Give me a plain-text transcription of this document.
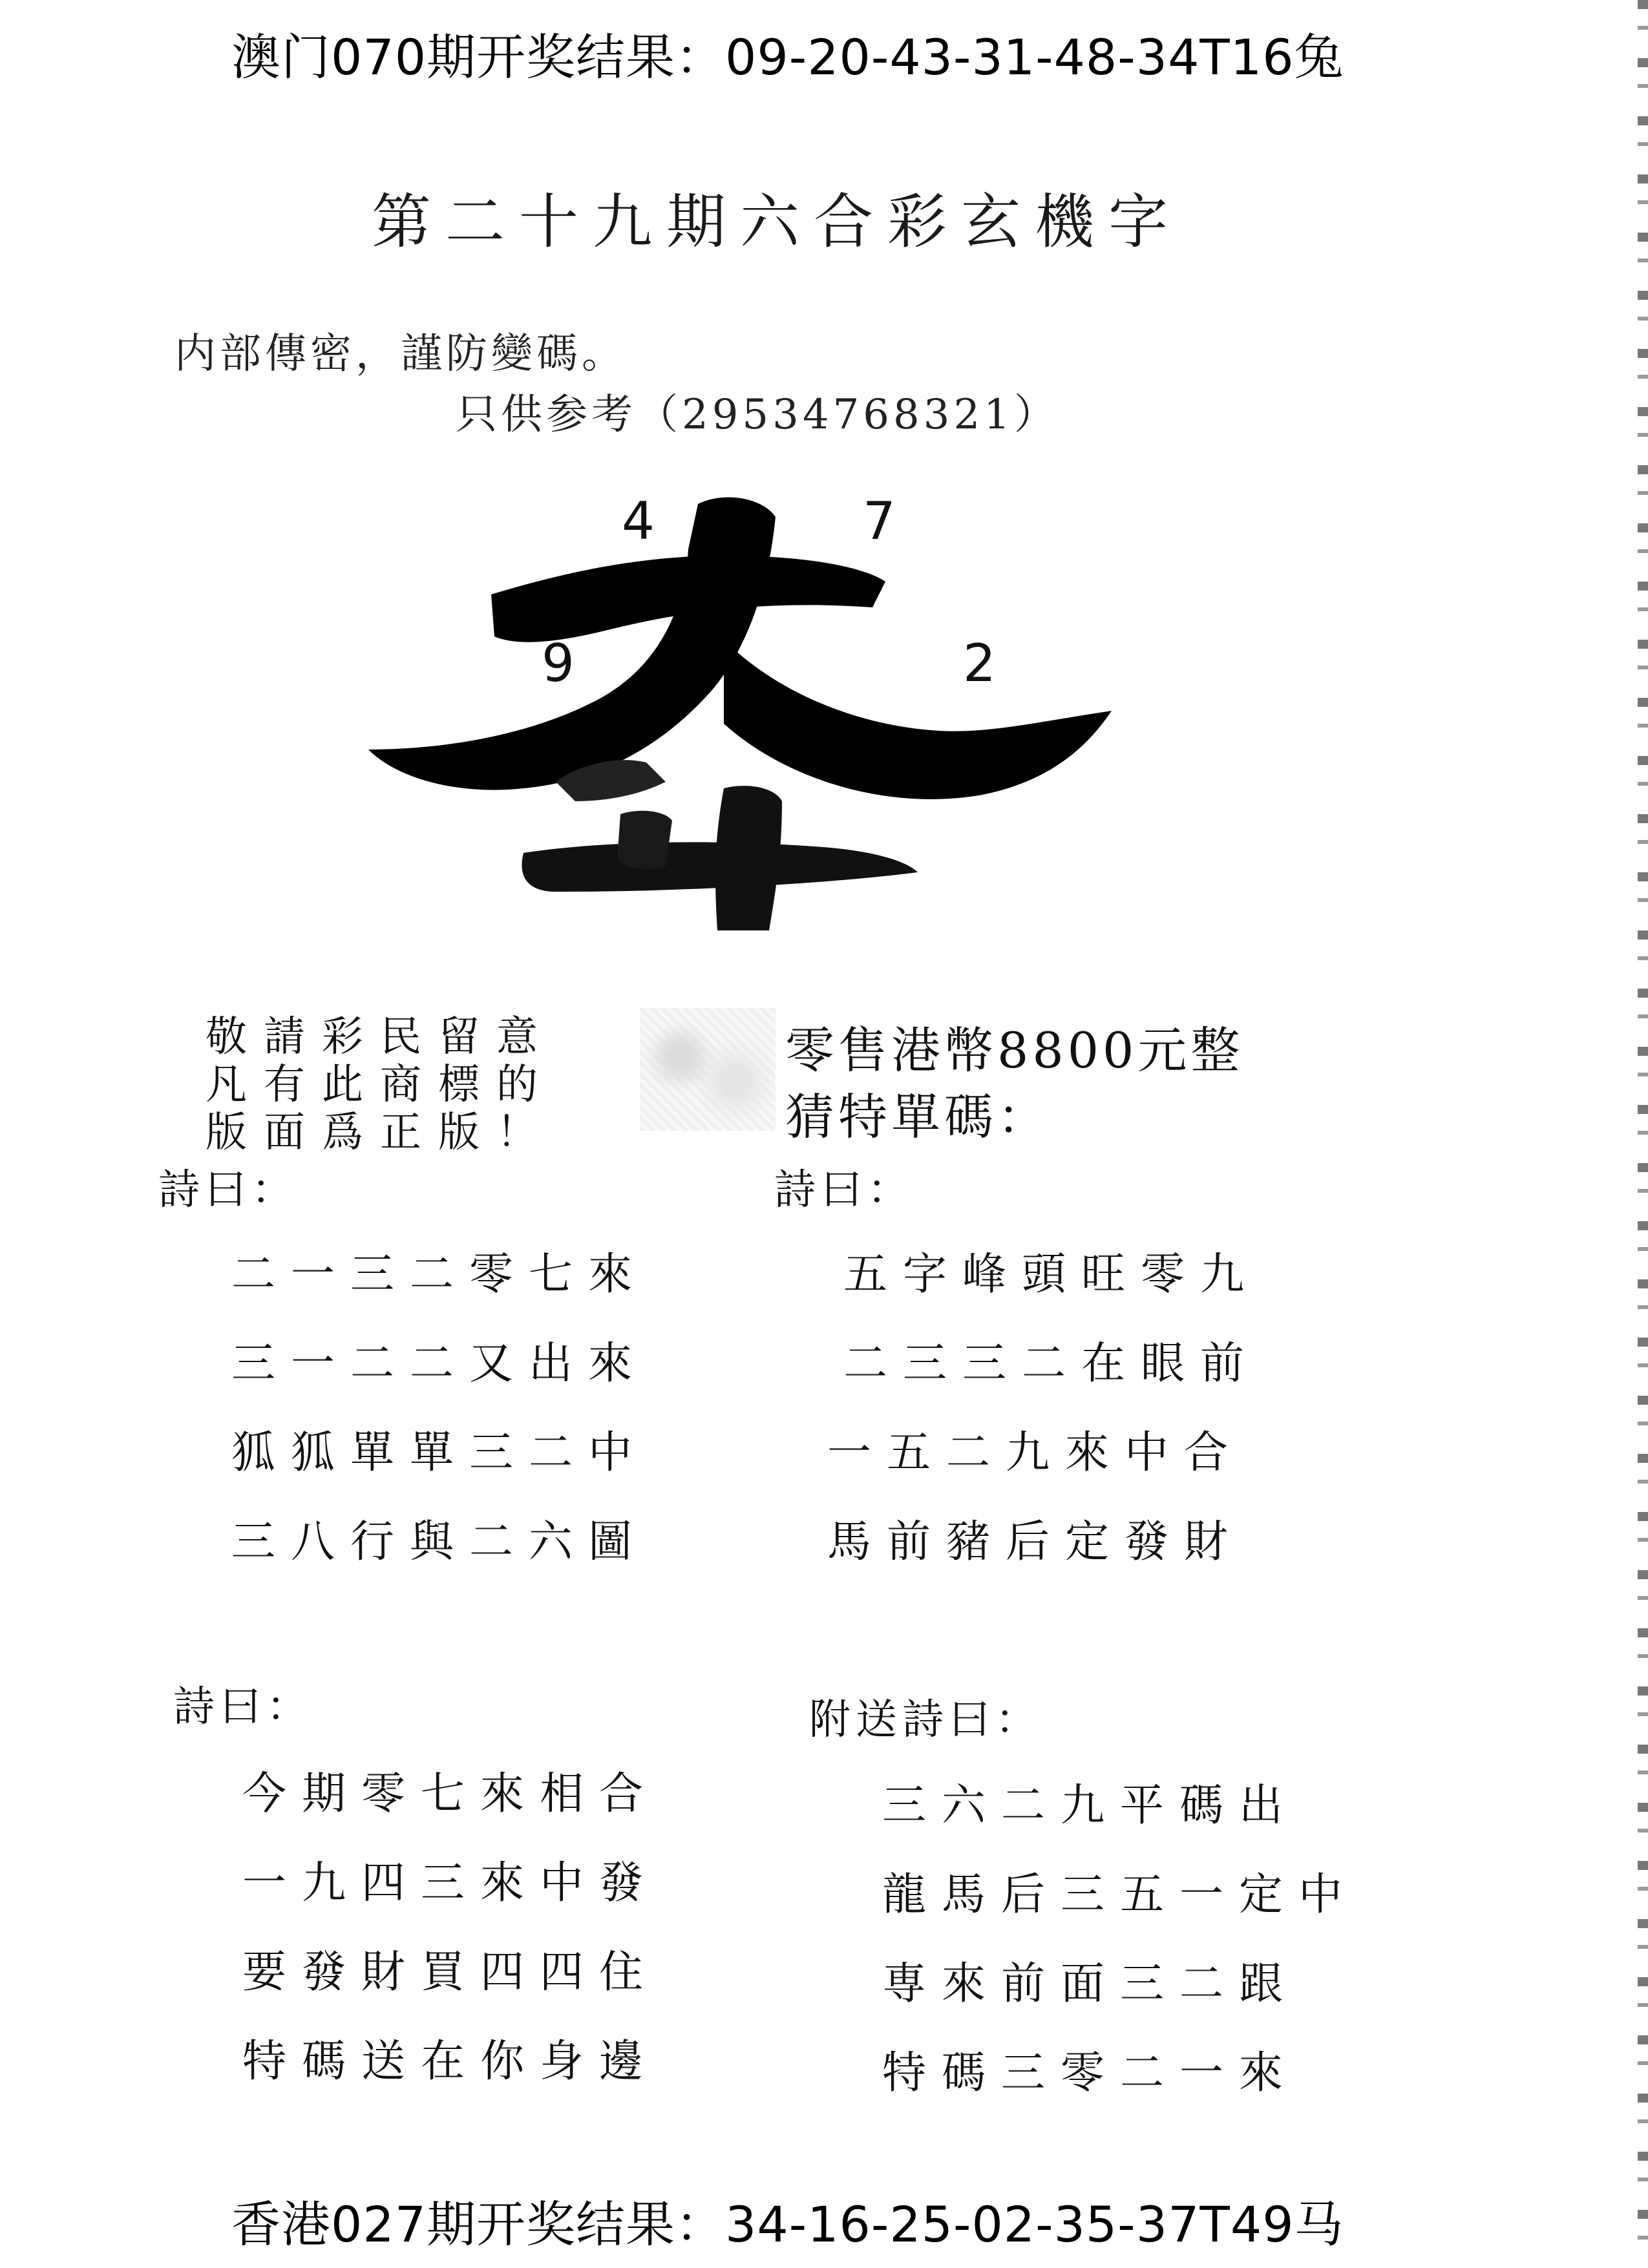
澳门070期开奖结果：09-20-43-31-48-34T16兔
第二十九期六合彩玄機字
内部傳密，謹防變碼。
只供参考（29534768321）
4	7
9	2
敬請彩民留意
凡有此商標的
版面爲正版！
零售港幣8800元整
猜特單碼：
詩曰：
二一三二零七來
三一二二又出來
狐狐單單三二中
三八行與二六圖
詩曰：
五字峰頭旺零九
二三三二在眼前
一五二九來中合
馬前豬后定發財
詩曰：
今期零七來相合
一九四三來中發
要發財買四四住
特碼送在你身邊
附送詩曰：
三六二九平碼出
龍馬后三五一定中
専來前面三二跟
特碼三零二一來
香港027期开奖结果：34-16-25-02-35-37T49马
